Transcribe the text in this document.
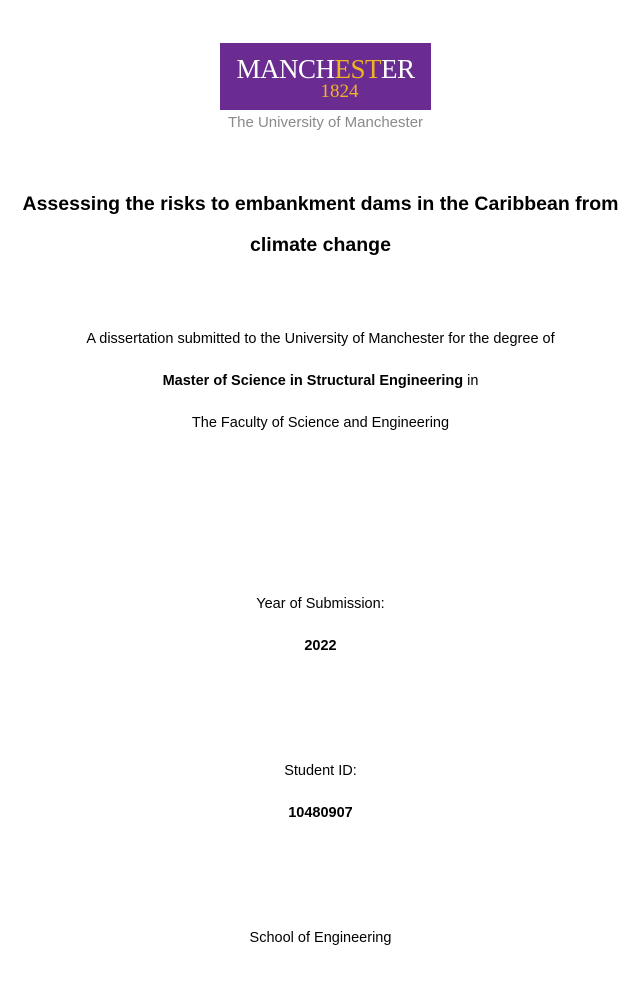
MANCHESTER
1824
The University of Manchester
Assessing the risks to embankment dams in the Caribbean from
climate change
A dissertation submitted to the University of Manchester for the degree of
Master of Science in Structural Engineering in
The Faculty of Science and Engineering
Year of Submission:
2022
Student ID:
10480907
School of Engineering
